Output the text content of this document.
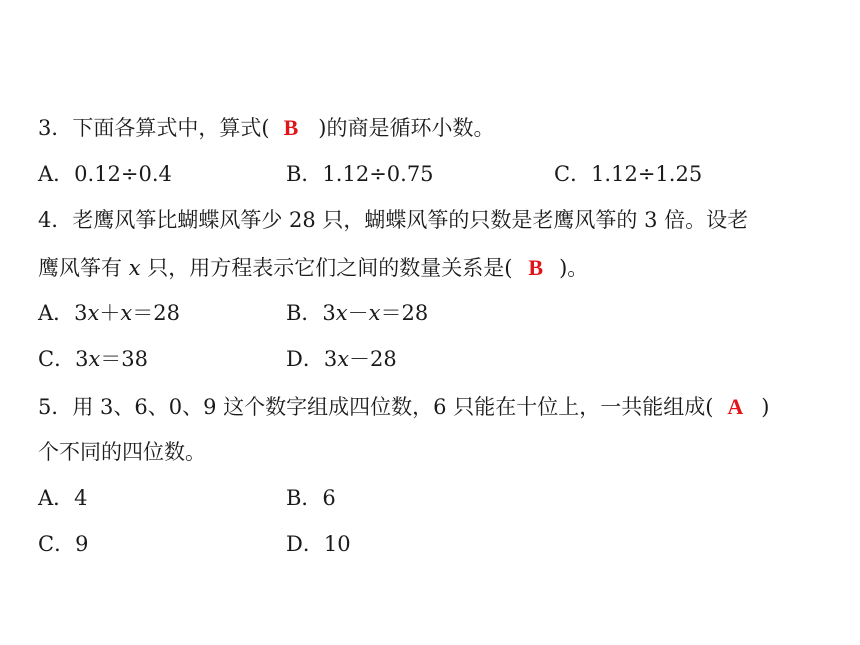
3．下面各算式中，算式( B )的商是循环小数。
A．0.12÷0.4	B．1.12÷0.75	C．1.12÷1.25
4．老鹰风筝比蝴蝶风筝少 28 只，蝴蝶风筝的只数是老鹰风筝的 3 倍。设老
鹰风筝有 x 只，用方程表示它们之间的数量关系是( B )。
A．3x＋x＝28	B．3x－x＝28
C．3x＝38	D．3x－28
5．用 3、6、0、9 这个数字组成四位数，6 只能在十位上，一共能组成( A )
个不同的四位数。
A．4	B．6
C．9	D．10
